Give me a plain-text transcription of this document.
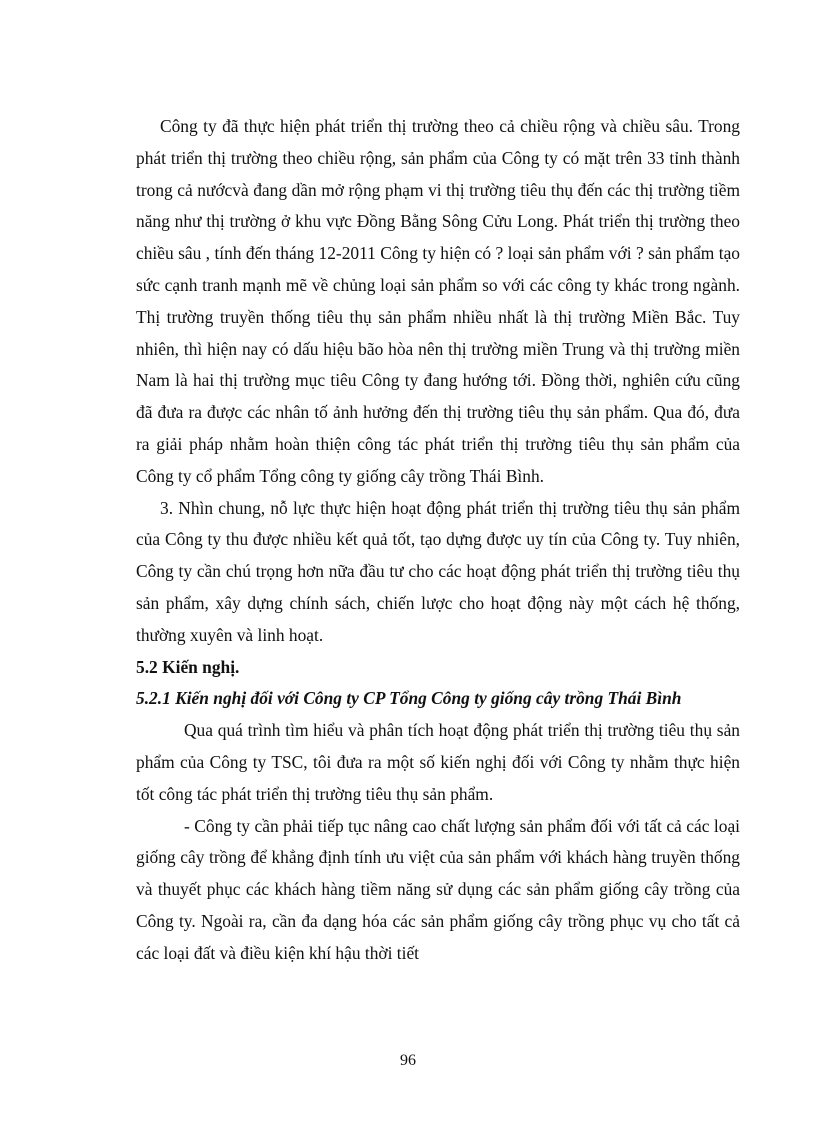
Công ty đã thực hiện phát triển thị trường theo cả chiều rộng và chiều sâu. Trong phát triển thị trường theo chiều rộng, sản phẩm của Công ty có mặt trên 33 tỉnh thành trong cả nướcvà đang dần mở rộng phạm vi thị trường tiêu thụ đến các thị trường tiềm năng như thị trường ở khu vực Đồng Bằng Sông Cửu Long. Phát triển thị trường theo chiều sâu , tính đến tháng 12-2011 Công ty hiện có ? loại sản phẩm với ? sản phẩm tạo sức cạnh tranh mạnh mẽ về chủng loại sản phẩm so với các công ty khác trong ngành. Thị trường truyền thống tiêu thụ sản phẩm nhiều nhất là thị trường Miền Bắc. Tuy nhiên, thì hiện nay có dấu hiệu bão hòa nên thị trường miền Trung và thị trường miền Nam là hai thị trường mục tiêu Công ty đang hướng tới. Đồng thời, nghiên cứu cũng đã đưa ra được các nhân tố ảnh hưởng đến thị trường tiêu thụ sản phẩm. Qua đó, đưa ra giải pháp nhằm hoàn thiện công tác phát triển thị trường tiêu thụ sản phẩm của Công ty cổ phẩm Tổng công ty giống cây trồng Thái Bình.

3. Nhìn chung, nỗ lực thực hiện hoạt động phát triển thị trường tiêu thụ sản phẩm của Công ty thu được nhiều kết quả tốt, tạo dựng được uy tín của Công ty. Tuy nhiên, Công ty cần chú trọng hơn nữa đầu tư cho các hoạt động phát triển thị trường tiêu thụ sản phẩm, xây dựng chính sách, chiến lược cho hoạt động này một cách hệ thống, thường xuyên và linh hoạt.

5.2 Kiến nghị.

5.2.1 Kiến nghị đối với Công ty CP Tổng Công ty giống cây trồng Thái Bình

Qua quá trình tìm hiểu và phân tích hoạt động phát triển thị trường tiêu thụ sản phẩm của Công ty TSC, tôi đưa ra một số kiến nghị đối với Công ty nhằm thực hiện tốt công tác phát triển thị trường tiêu thụ sản phẩm.

- Công ty cần phải tiếp tục nâng cao chất lượng sản phẩm đối với tất cả các loại giống cây trồng để khẳng định tính ưu việt của sản phẩm với khách hàng truyền thống và thuyết phục các khách hàng tiềm năng sử dụng các sản phẩm giống cây trồng của Công ty. Ngoài ra, cần đa dạng hóa các sản phẩm giống cây trồng phục vụ cho tất cả các loại đất và điều kiện khí hậu thời tiết

96
